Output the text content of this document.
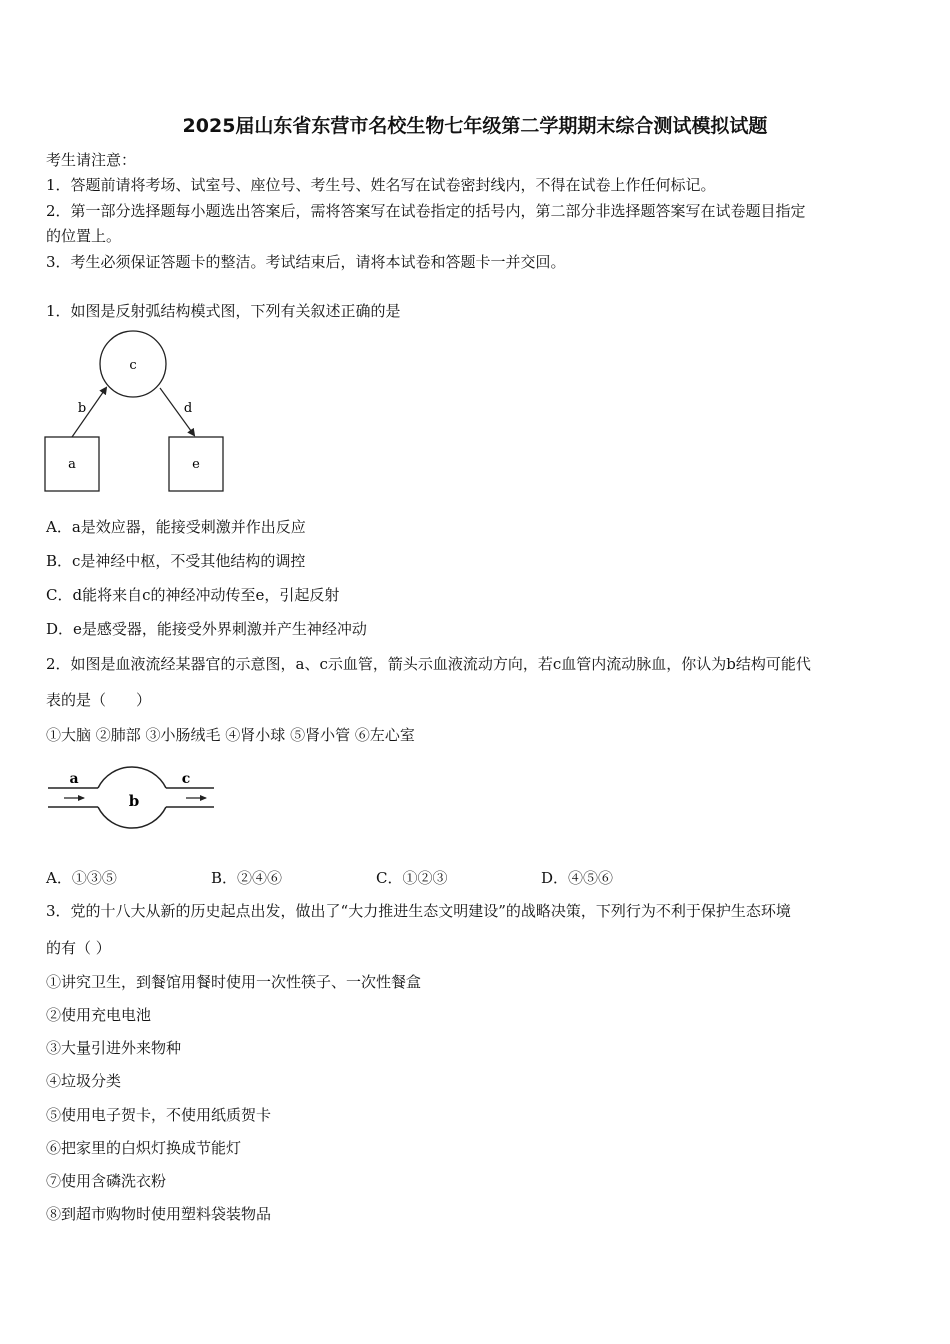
2025届山东省东营市名校生物七年级第二学期期末综合测试模拟试题
考生请注意：
1．答题前请将考场、试室号、座位号、考生号、姓名写在试卷密封线内，不得在试卷上作任何标记。
2．第一部分选择题每小题选出答案后，需将答案写在试卷指定的括号内，第二部分非选择题答案写在试卷题目指定
的位置上。
3．考生必须保证答题卡的整洁。考试结束后，请将本试卷和答题卡一并交回。
1．如图是反射弧结构模式图，下列有关叙述正确的是
c
a	e
b	d
A．a是效应器，能接受刺激并作出反应
B．c是神经中枢，不受其他结构的调控
C．d能将来自c的神经冲动传至e，引起反射
D．e是感受器，能接受外界刺激并产生神经冲动
2．如图是血液流经某器官的示意图，a、c示血管，箭头示血液流动方向，若c血管内流动脉血，你认为b结构可能代
表的是（　　）
①大脑 ②肺部 ③小肠绒毛 ④肾小球 ⑤肾小管 ⑥左心室
a
b
c
A．①③⑤	B．②④⑥	C．①②③	D．④⑤⑥
3．党的十八大从新的历史起点出发，做出了“大力推进生态文明建设”的战略决策，下列行为不利于保护生态环境
的有（ ）
①讲究卫生，到餐馆用餐时使用一次性筷子、一次性餐盒
②使用充电电池
③大量引进外来物种
④垃圾分类
⑤使用电子贺卡，不使用纸质贺卡
⑥把家里的白炽灯换成节能灯
⑦使用含磷洗衣粉
⑧到超市购物时使用塑料袋装物品
